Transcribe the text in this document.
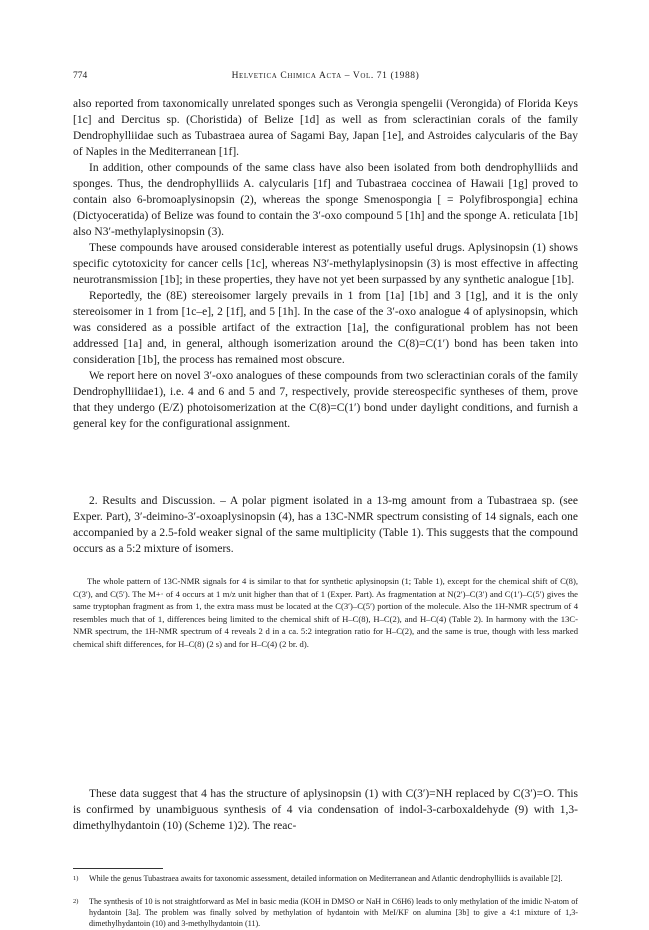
774	Helvetica Chimica Acta – Vol. 71 (1988)

also reported from taxonomically unrelated sponges such as Verongia spengelii (Verongida) of Florida Keys [1c] and Dercitus sp. (Choristida) of Belize [1d] as well as from scleractinian corals of the family Dendrophylliidae such as Tubastraea aurea of Sagami Bay, Japan [1e], and Astroides calycularis of the Bay of Naples in the Mediterranean [1f].

In addition, other compounds of the same class have also been isolated from both dendrophylliids and sponges. Thus, the dendrophylliids A. calycularis [1f] and Tubastraea coccinea of Hawaii [1g] proved to contain also 6-bromoaplysinopsin (2), whereas the sponge Smenospongia [ = Polyfibrospongia] echina (Dictyoceratida) of Belize was found to contain the 3′-oxo compound 5 [1h] and the sponge A. reticulata [1b] also N3′-methylaplysinopsin (3).

These compounds have aroused considerable interest as potentially useful drugs. Aplysinopsin (1) shows specific cytotoxicity for cancer cells [1c], whereas N3′-methylaplysinopsin (3) is most effective in affecting neurotransmission [1b]; in these properties, they have not yet been surpassed by any synthetic analogue [1b].

Reportedly, the (8E) stereoisomer largely prevails in 1 from [1a] [1b] and 3 [1g], and it is the only stereoisomer in 1 from [1c–e], 2 [1f], and 5 [1h]. In the case of the 3′-oxo analogue 4 of aplysinopsin, which was considered as a possible artifact of the extraction [1a], the configurational problem has not been addressed [1a] and, in general, although isomerization around the C(8)=C(1′) bond has been taken into consideration [1b], the process has remained most obscure.

We report here on novel 3′-oxo analogues of these compounds from two scleractinian corals of the family Dendrophylliidae1), i.e. 4 and 6 and 5 and 7, respectively, provide stereospecific syntheses of them, prove that they undergo (E/Z) photoisomerization at the C(8)=C(1′) bond under daylight conditions, and furnish a general key for the configurational assignment.

2. Results and Discussion. – A polar pigment isolated in a 13-mg amount from a Tubastraea sp. (see Exper. Part), 3′-deimino-3′-oxoaplysinopsin (4), has a 13C-NMR spectrum consisting of 14 signals, each one accompanied by a 2.5-fold weaker signal of the same multiplicity (Table 1). This suggests that the compound occurs as a 5:2 mixture of isomers.

The whole pattern of 13C-NMR signals for 4 is similar to that for synthetic aplysinopsin (1; Table 1), except for the chemical shift of C(8), C(3′), and C(5′). The M+· of 4 occurs at 1 m/z unit higher than that of 1 (Exper. Part). As fragmentation at N(2′)–C(3′) and C(1′)–C(5′) gives the same tryptophan fragment as from 1, the extra mass must be located at the C(3′)–C(5′) portion of the molecule. Also the 1H-NMR spectrum of 4 resembles much that of 1, differences being limited to the chemical shift of H–C(8), H–C(2), and H–C(4) (Table 2). In harmony with the 13C-NMR spectrum, the 1H-NMR spectrum of 4 reveals 2 d in a ca. 5:2 integration ratio for H–C(2), and the same is true, though with less marked chemical shift differences, for H–C(8) (2 s) and for H–C(4) (2 br. d).

These data suggest that 4 has the structure of aplysinopsin (1) with C(3′)=NH replaced by C(3′)=O. This is confirmed by unambiguous synthesis of 4 via condensation of indol-3-carboxaldehyde (9) with 1,3-dimethylhydantoin (10) (Scheme 1)2). The reac-

1) While the genus Tubastraea awaits for taxonomic assessment, detailed information on Mediterranean and Atlantic dendrophylliids is available [2].
2) The synthesis of 10 is not straightforward as MeI in basic media (KOH in DMSO or NaH in C6H6) leads to only methylation of the imidic N-atom of hydantoin [3a]. The problem was finally solved by methylation of hydantoin with MeI/KF on alumina [3b] to give a 4:1 mixture of 1,3-dimethylhydantoin (10) and 3-methylhydantoin (11).
